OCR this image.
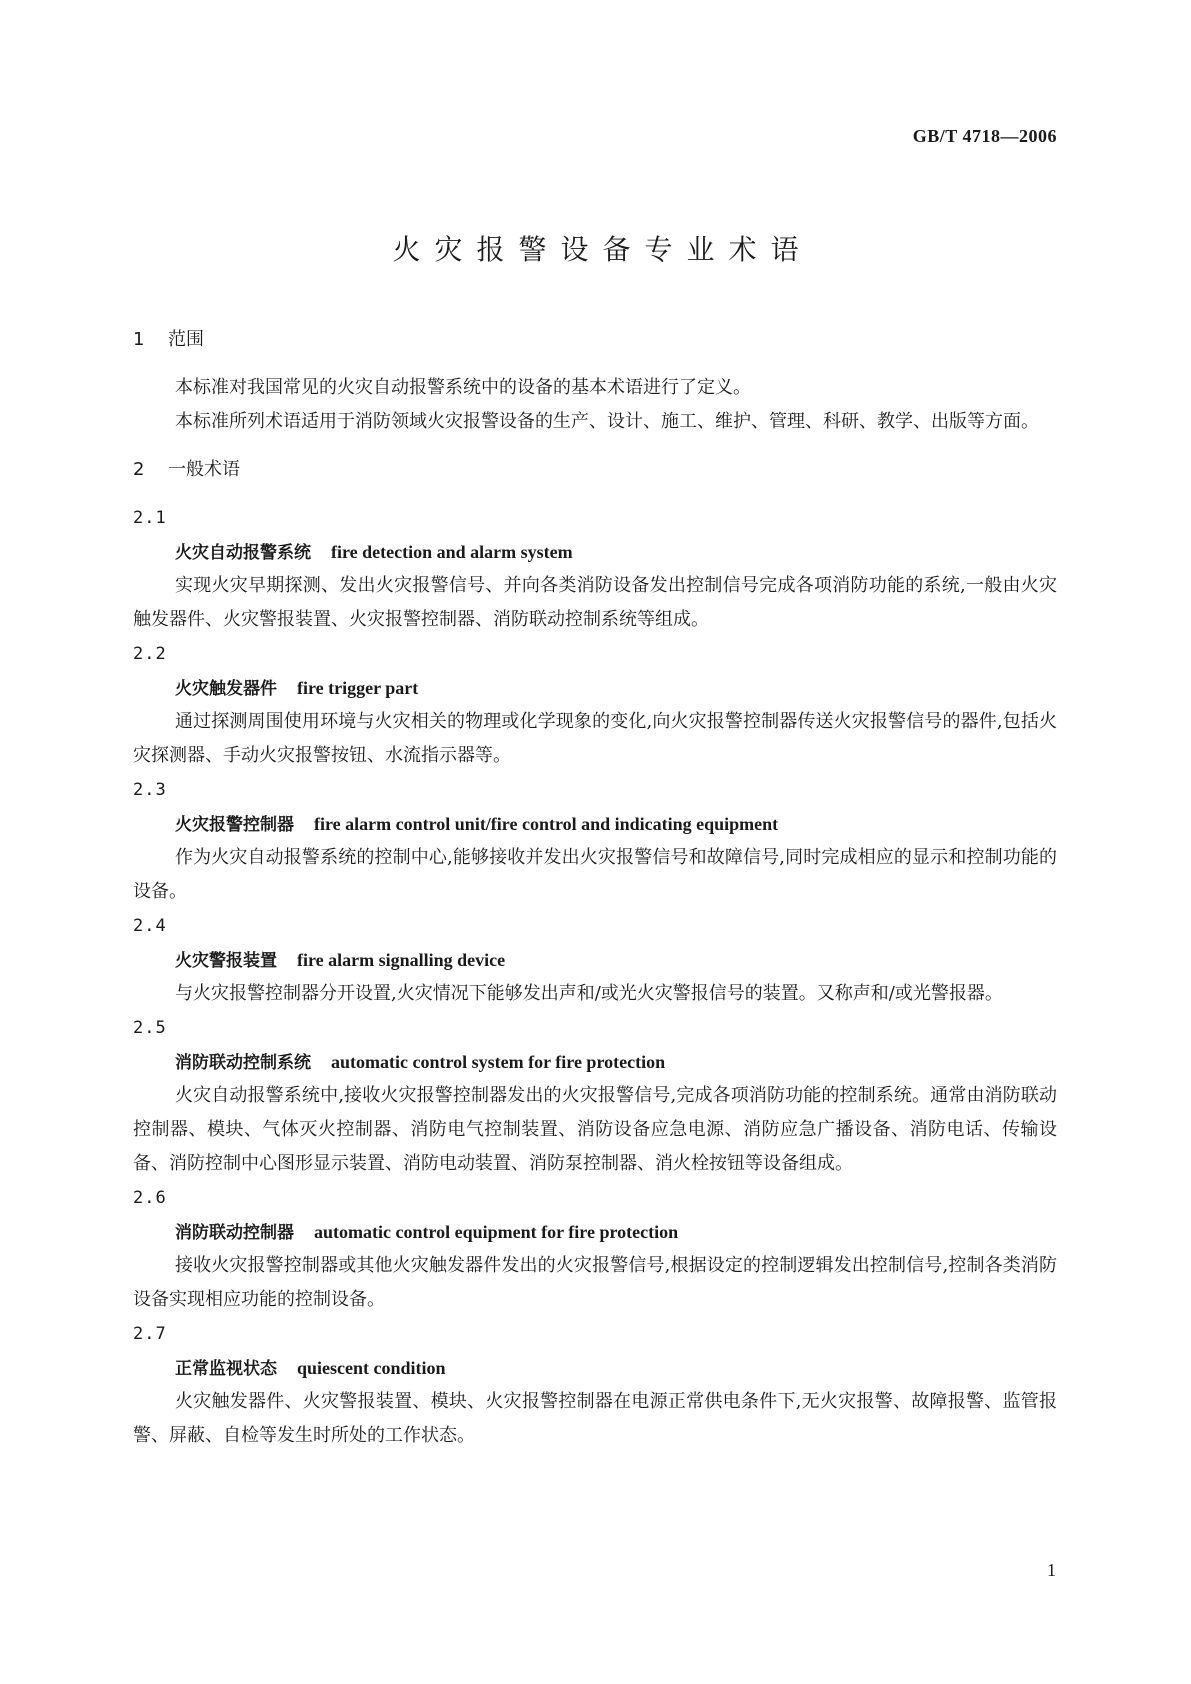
GB/T 4718—2006
火灾报警设备专业术语
1	范围
本标准对我国常见的火灾自动报警系统中的设备的基本术语进行了定义。
本标准所列术语适用于消防领域火灾报警设备的生产、设计、施工、维护、管理、科研、教学、出版等方面。
2	一般术语
2.1
火灾自动报警系统 fire detection and alarm system
实现火灾早期探测、发出火灾报警信号、并向各类消防设备发出控制信号完成各项消防功能的系统,一般由火灾触发器件、火灾警报装置、火灾报警控制器、消防联动控制系统等组成。
2.2
火灾触发器件 fire trigger part
通过探测周围使用环境与火灾相关的物理或化学现象的变化,向火灾报警控制器传送火灾报警信号的器件,包括火灾探测器、手动火灾报警按钮、水流指示器等。
2.3
火灾报警控制器 fire alarm control unit/fire control and indicating equipment
作为火灾自动报警系统的控制中心,能够接收并发出火灾报警信号和故障信号,同时完成相应的显示和控制功能的设备。
2.4
火灾警报装置 fire alarm signalling device
与火灾报警控制器分开设置,火灾情况下能够发出声和/或光火灾警报信号的装置。又称声和/或光警报器。
2.5
消防联动控制系统 automatic control system for fire protection
火灾自动报警系统中,接收火灾报警控制器发出的火灾报警信号,完成各项消防功能的控制系统。通常由消防联动控制器、模块、气体灭火控制器、消防电气控制装置、消防设备应急电源、消防应急广播设备、消防电话、传输设备、消防控制中心图形显示装置、消防电动装置、消防泵控制器、消火栓按钮等设备组成。
2.6
消防联动控制器 automatic control equipment for fire protection
接收火灾报警控制器或其他火灾触发器件发出的火灾报警信号,根据设定的控制逻辑发出控制信号,控制各类消防设备实现相应功能的控制设备。
2.7
正常监视状态 quiescent condition
火灾触发器件、火灾警报装置、模块、火灾报警控制器在电源正常供电条件下,无火灾报警、故障报警、监管报警、屏蔽、自检等发生时所处的工作状态。
1
